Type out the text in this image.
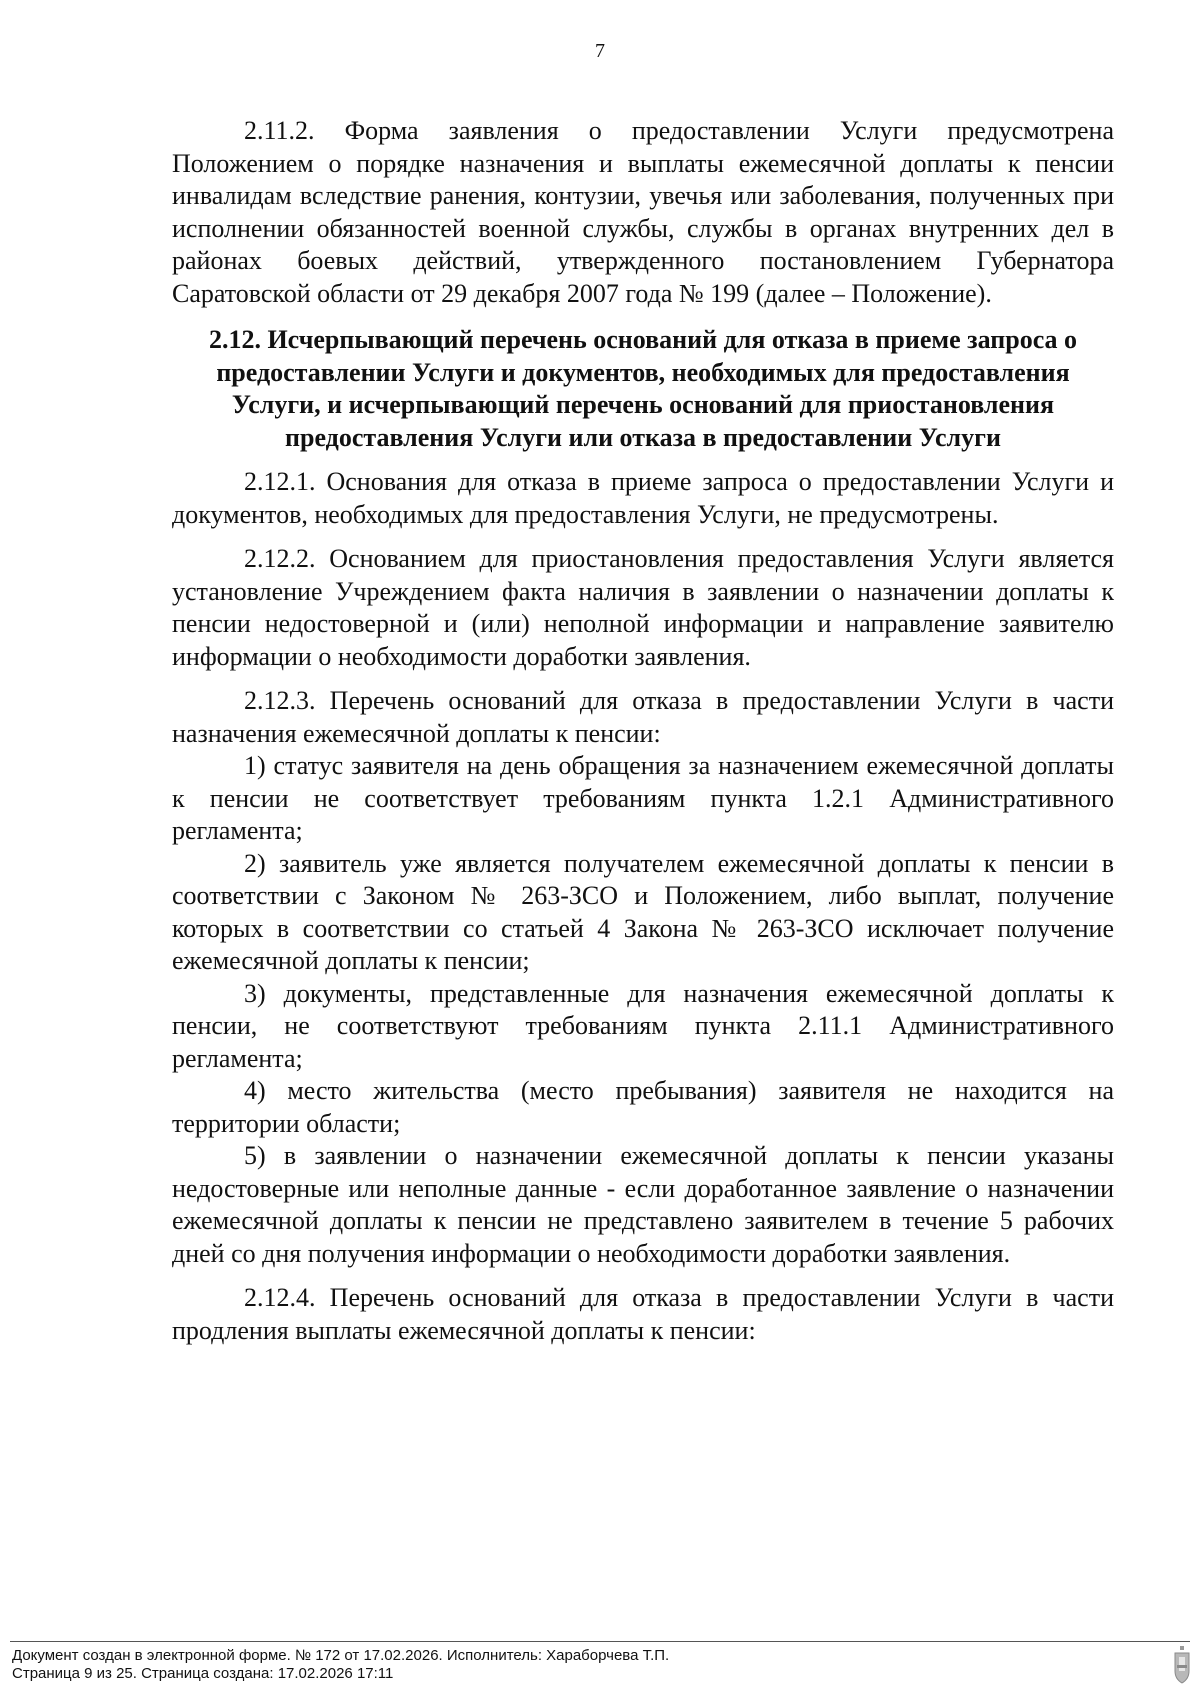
7

2.11.2. Форма заявления о предоставлении Услуги предусмотрена Положением о порядке назначения и выплаты ежемесячной доплаты к пенсии инвалидам вследствие ранения, контузии, увечья или заболевания, полученных при исполнении обязанностей военной службы, службы в органах внутренних дел в районах боевых действий, утвержденного постановлением Губернатора Саратовской области от 29 декабря 2007 года № 199 (далее – Положение).

2.12. Исчерпывающий перечень оснований для отказа в приеме запроса о предоставлении Услуги и документов, необходимых для предоставления Услуги, и исчерпывающий перечень оснований для приостановления предоставления Услуги или отказа в предоставлении Услуги

2.12.1. Основания для отказа в приеме запроса о предоставлении Услуги и документов, необходимых для предоставления Услуги, не предусмотрены.

2.12.2. Основанием для приостановления предоставления Услуги является установление Учреждением факта наличия в заявлении о назначении доплаты к пенсии недостоверной и (или) неполной информации и направление заявителю информации о необходимости доработки заявления.

2.12.3. Перечень оснований для отказа в предоставлении Услуги в части назначения ежемесячной доплаты к пенсии:

1) статус заявителя на день обращения за назначением ежемесячной доплаты к пенсии не соответствует требованиям пункта 1.2.1 Административного регламента;

2) заявитель уже является получателем ежемесячной доплаты к пенсии в соответствии с Законом № 263-ЗСО и Положением, либо выплат, получение которых в соответствии со статьей 4 Закона № 263-ЗСО исключает получение ежемесячной доплаты к пенсии;

3) документы, представленные для назначения ежемесячной доплаты к пенсии, не соответствуют требованиям пункта 2.11.1 Административного регламента;

4) место жительства (место пребывания) заявителя не находится на территории области;

5) в заявлении о назначении ежемесячной доплаты к пенсии указаны недостоверные или неполные данные - если доработанное заявление о назначении ежемесячной доплаты к пенсии не представлено заявителем в течение 5 рабочих дней со дня получения информации о необходимости доработки заявления.

2.12.4. Перечень оснований для отказа в предоставлении Услуги в части продления выплаты ежемесячной доплаты к пенсии:

Документ создан в электронной форме. № 172 от 17.02.2026. Исполнитель: Хараборчева Т.П.
Страница 9 из 25. Страница создана: 17.02.2026 17:11
